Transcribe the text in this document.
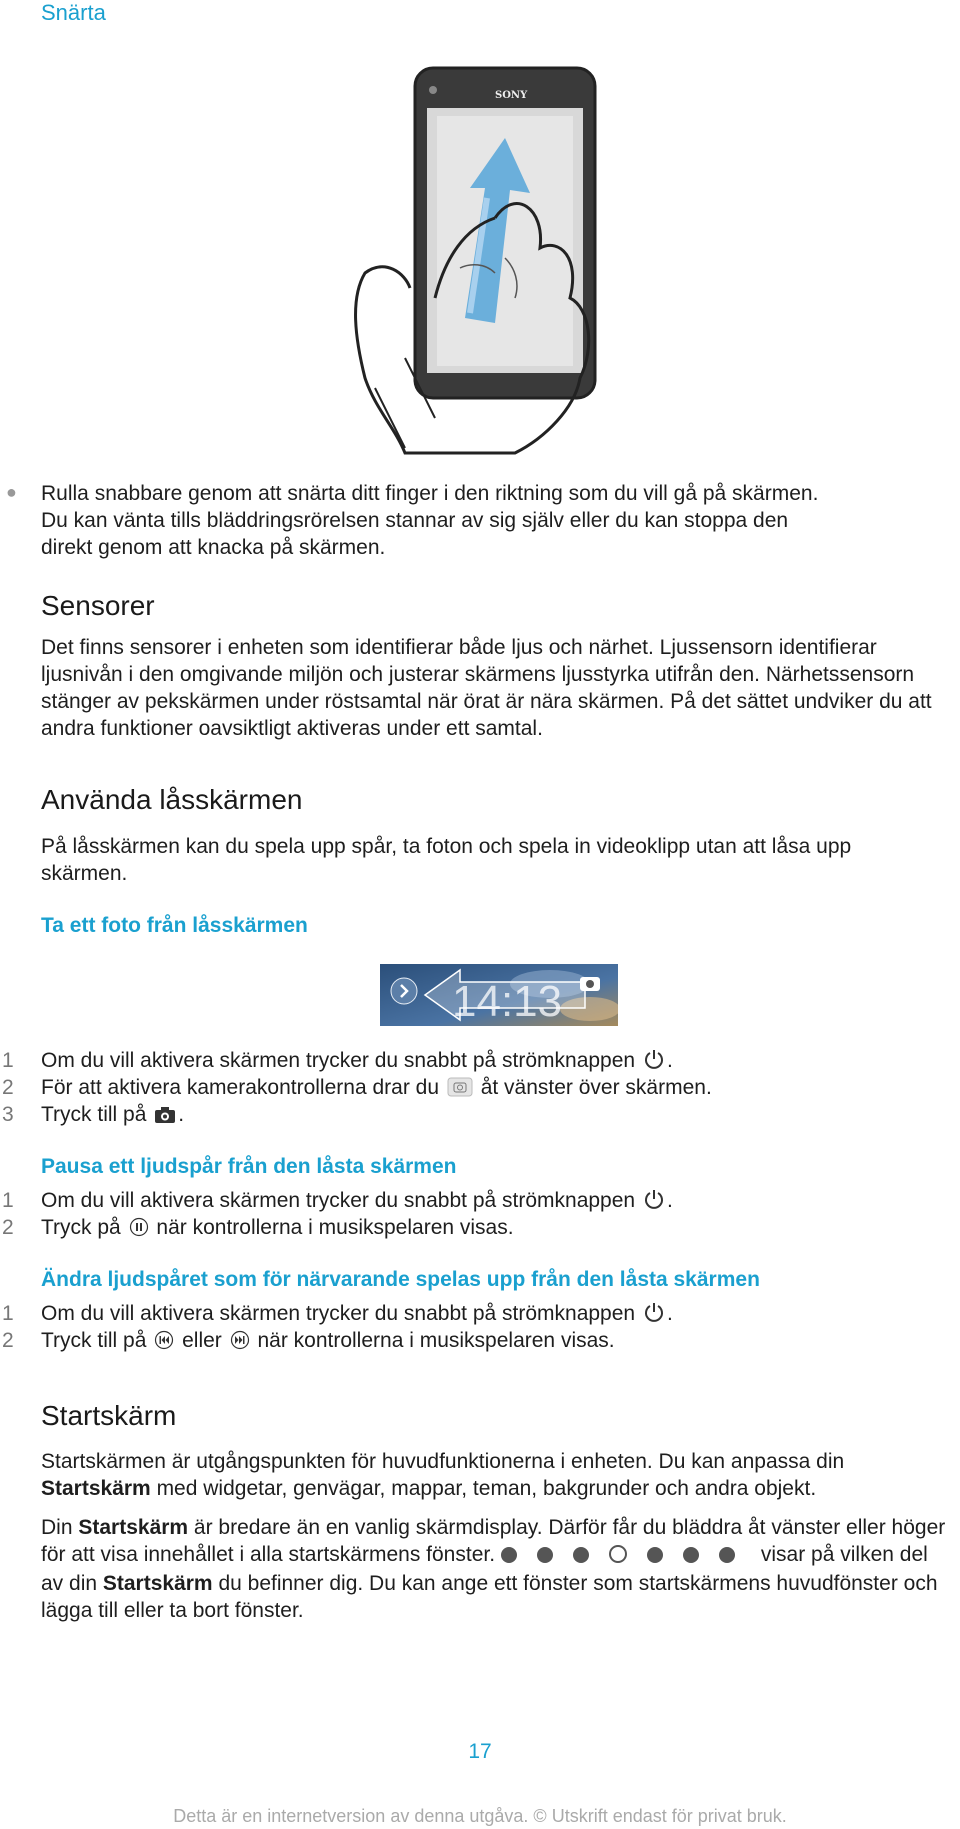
Snärta
SONY
● Rulla snabbare genom att snärta ditt finger i den riktning som du vill gå på skärmen. Du kan vänta tills bläddringsrörelsen stannar av sig själv eller du kan stoppa den direkt genom att knacka på skärmen.
Sensorer
Det finns sensorer i enheten som identifierar både ljus och närhet. Ljussensorn identifierar ljusnivån i den omgivande miljön och justerar skärmens ljusstyrka utifrån den. Närhetssensorn stänger av pekskärmen under röstsamtal när örat är nära skärmen. På det sättet undviker du att andra funktioner oavsiktligt aktiveras under ett samtal.
Använda låsskärmen
På låsskärmen kan du spela upp spår, ta foton och spela in videoklipp utan att låsa upp skärmen.
Ta ett foto från låsskärmen
14:13
1 Om du vill aktivera skärmen trycker du snabbt på strömknappen .
2 För att aktivera kamerakontrollerna drar du åt vänster över skärmen.
3 Tryck till på .
Pausa ett ljudspår från den låsta skärmen
1 Om du vill aktivera skärmen trycker du snabbt på strömknappen .
2 Tryck på när kontrollerna i musikspelaren visas.
Ändra ljudspåret som för närvarande spelas upp från den låsta skärmen
1 Om du vill aktivera skärmen trycker du snabbt på strömknappen .
2 Tryck till på eller när kontrollerna i musikspelaren visas.
Startskärm
Startskärmen är utgångspunkten för huvudfunktionerna i enheten. Du kan anpassa din Startskärm med widgetar, genvägar, mappar, teman, bakgrunder och andra objekt.
Din Startskärm är bredare än en vanlig skärmdisplay. Därför får du bläddra åt vänster eller höger för att visa innehållet i alla startskärmens fönster.	visar på vilken del av din Startskärm du befinner dig. Du kan ange ett fönster som startskärmens huvudfönster och lägga till eller ta bort fönster.
17
Detta är en internetversion av denna utgåva. © Utskrift endast för privat bruk.
